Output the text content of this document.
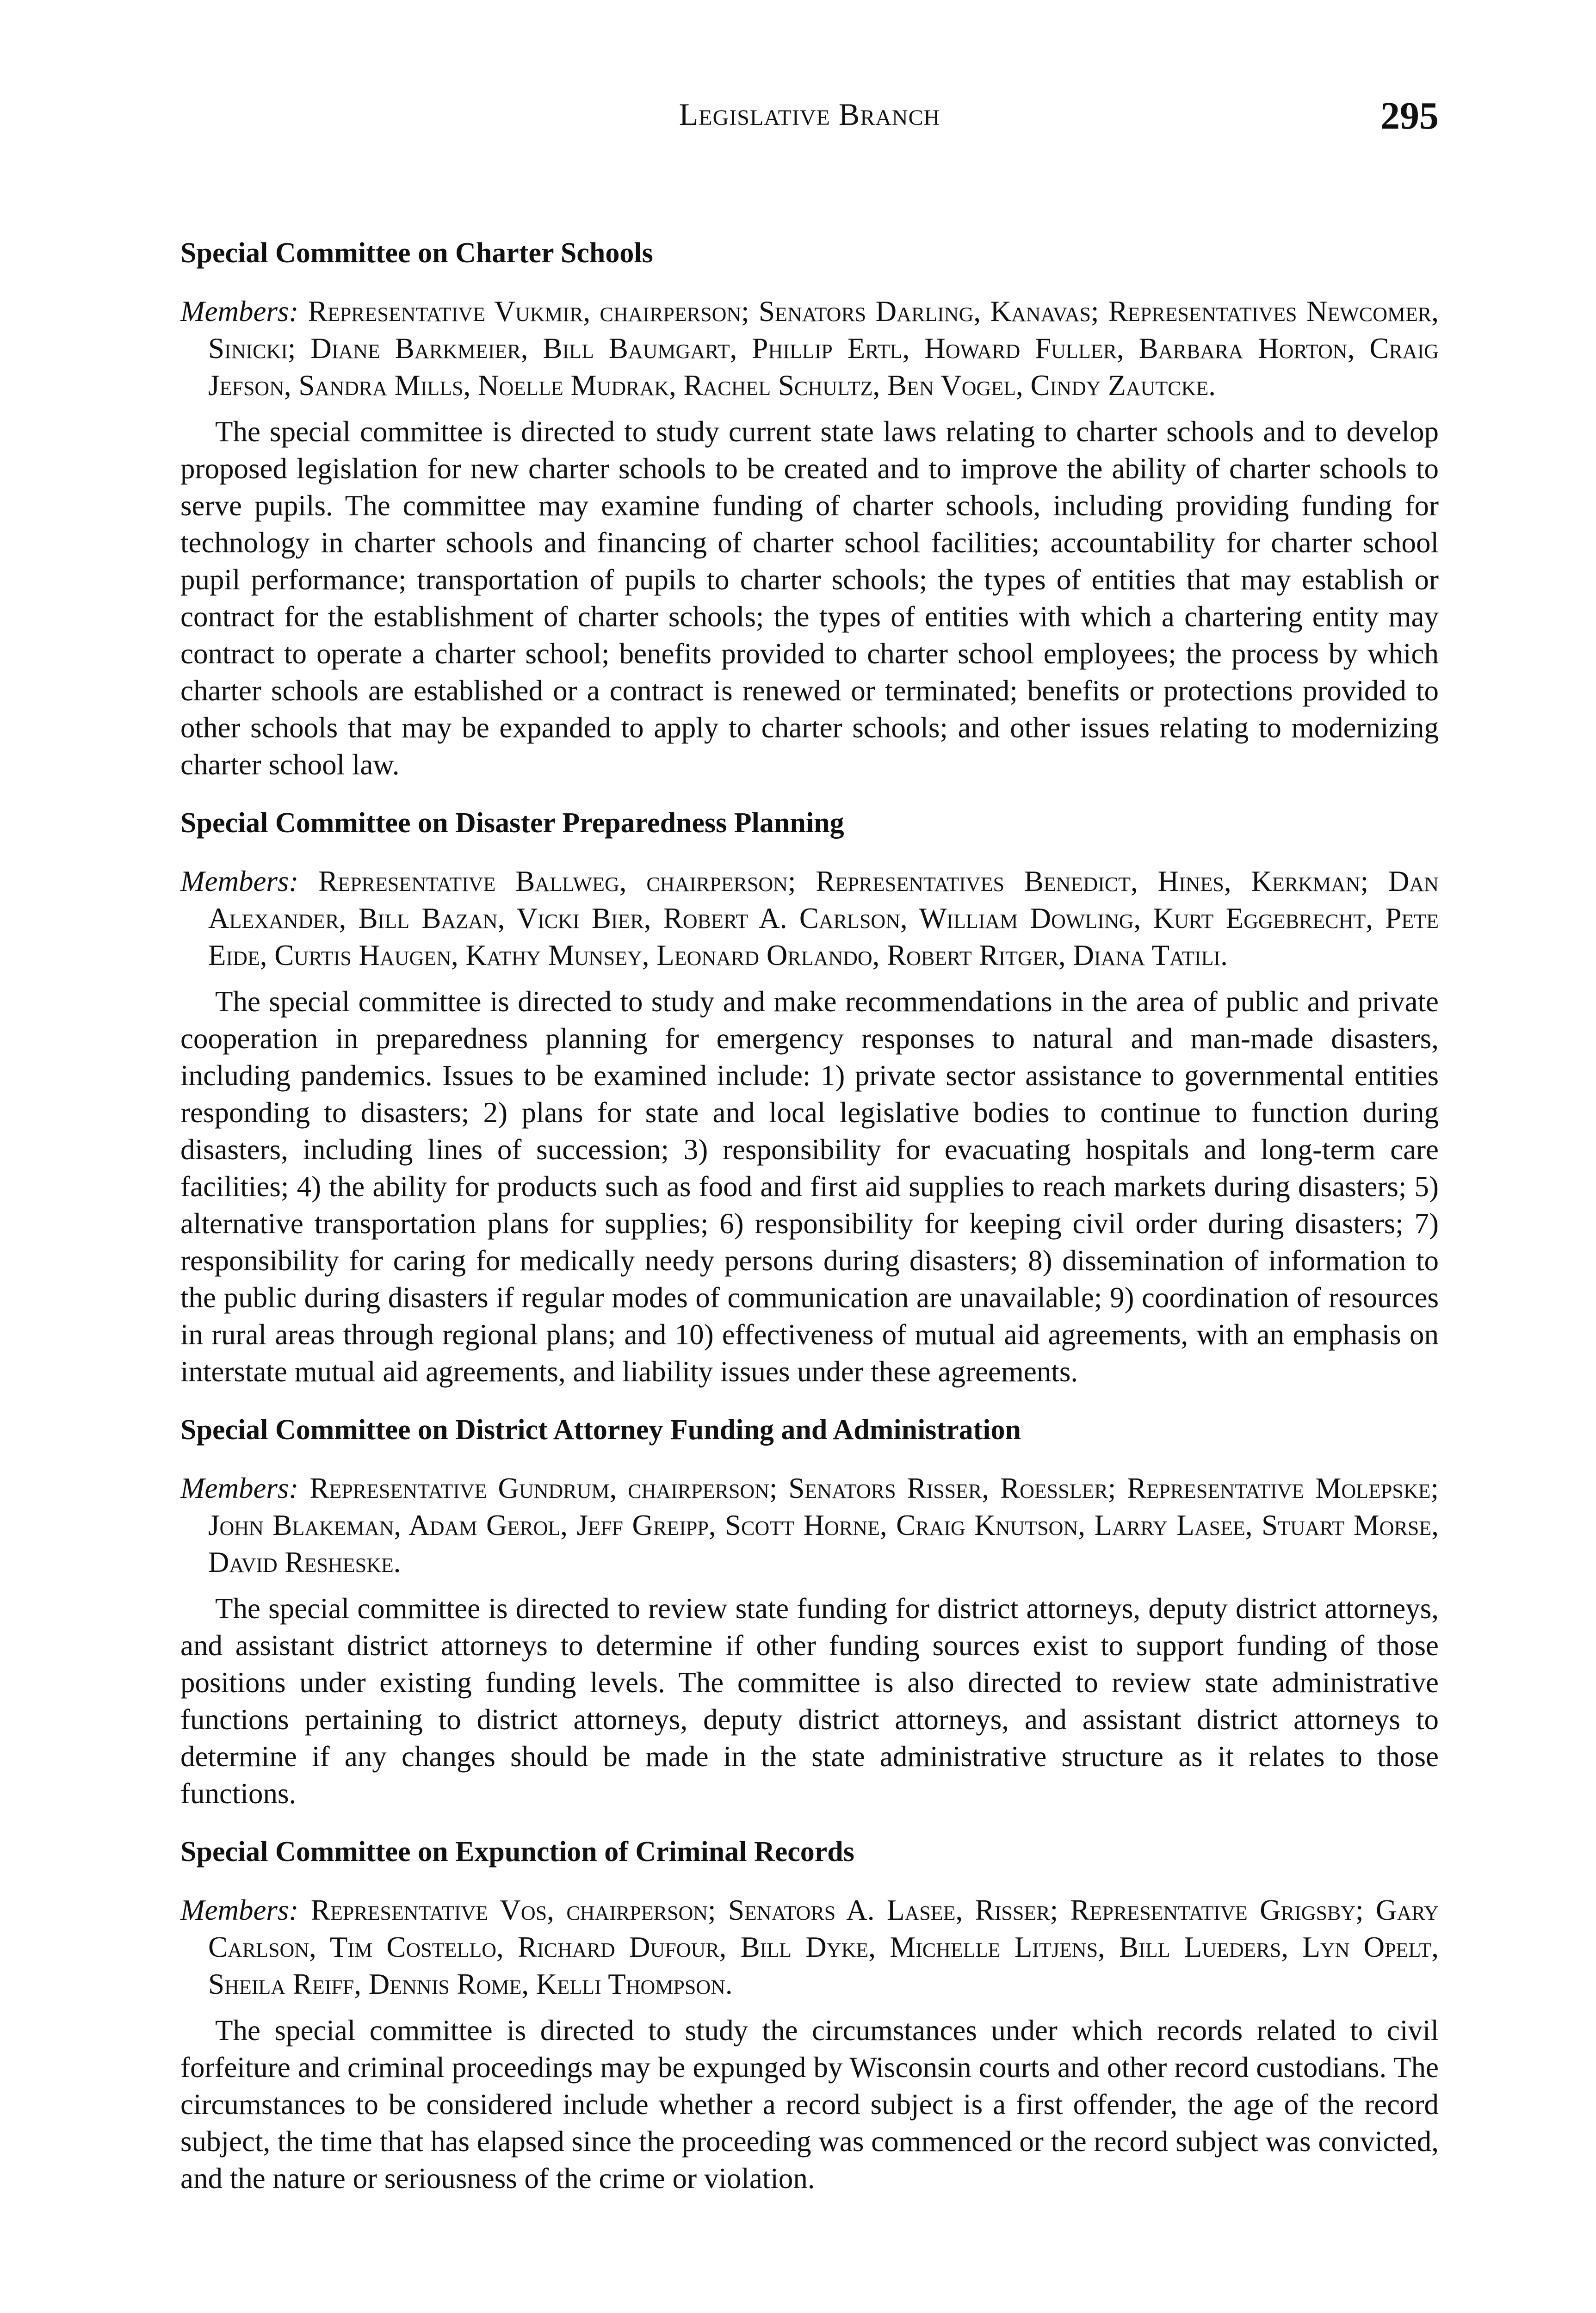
Legislative Branch	295
Special Committee on Charter Schools

Members: Representative Vukmir, chairperson; Senators Darling, Kanavas; Representatives Newcomer, Sinicki; Diane Barkmeier, Bill Baumgart, Phillip Ertl, Howard Fuller, Barbara Horton, Craig Jefson, Sandra Mills, Noelle Mudrak, Rachel Schultz, Ben Vogel, Cindy Zautcke.

The special committee is directed to study current state laws relating to charter schools and to develop proposed legislation for new charter schools to be created and to improve the ability of charter schools to serve pupils. The committee may examine funding of charter schools, including providing funding for technology in charter schools and financing of charter school facilities; accountability for charter school pupil performance; transportation of pupils to charter schools; the types of entities that may establish or contract for the establishment of charter schools; the types of entities with which a chartering entity may contract to operate a charter school; benefits provided to charter school employees; the process by which charter schools are established or a contract is renewed or terminated; benefits or protections provided to other schools that may be expanded to apply to charter schools; and other issues relating to modernizing charter school law.

Special Committee on Disaster Preparedness Planning

Members: Representative Ballweg, chairperson; Representatives Benedict, Hines, Kerkman; Dan Alexander, Bill Bazan, Vicki Bier, Robert A. Carlson, William Dowling, Kurt Eggebrecht, Pete Eide, Curtis Haugen, Kathy Munsey, Leonard Orlando, Robert Ritger, Diana Tatili.

The special committee is directed to study and make recommendations in the area of public and private cooperation in preparedness planning for emergency responses to natural and man-made disasters, including pandemics. Issues to be examined include: 1) private sector assistance to governmental entities responding to disasters; 2) plans for state and local legislative bodies to continue to function during disasters, including lines of succession; 3) responsibility for evacuating hospitals and long-term care facilities; 4) the ability for products such as food and first aid supplies to reach markets during disasters; 5) alternative transportation plans for supplies; 6) responsibility for keeping civil order during disasters; 7) responsibility for caring for medically needy persons during disasters; 8) dissemination of information to the public during disasters if regular modes of communication are unavailable; 9) coordination of resources in rural areas through regional plans; and 10) effectiveness of mutual aid agreements, with an emphasis on interstate mutual aid agreements, and liability issues under these agreements.

Special Committee on District Attorney Funding and Administration

Members: Representative Gundrum, chairperson; Senators Risser, Roessler; Representative Molepske; John Blakeman, Adam Gerol, Jeff Greipp, Scott Horne, Craig Knutson, Larry Lasee, Stuart Morse, David Resheske.

The special committee is directed to review state funding for district attorneys, deputy district attorneys, and assistant district attorneys to determine if other funding sources exist to support funding of those positions under existing funding levels. The committee is also directed to review state administrative functions pertaining to district attorneys, deputy district attorneys, and assistant district attorneys to determine if any changes should be made in the state administrative structure as it relates to those functions.

Special Committee on Expunction of Criminal Records

Members: Representative Vos, chairperson; Senators A. Lasee, Risser; Representative Grigsby; Gary Carlson, Tim Costello, Richard Dufour, Bill Dyke, Michelle Litjens, Bill Lueders, Lyn Opelt, Sheila Reiff, Dennis Rome, Kelli Thompson.

The special committee is directed to study the circumstances under which records related to civil forfeiture and criminal proceedings may be expunged by Wisconsin courts and other record custodians. The circumstances to be considered include whether a record subject is a first offender, the age of the record subject, the time that has elapsed since the proceeding was commenced or the record subject was convicted, and the nature or seriousness of the crime or violation.
